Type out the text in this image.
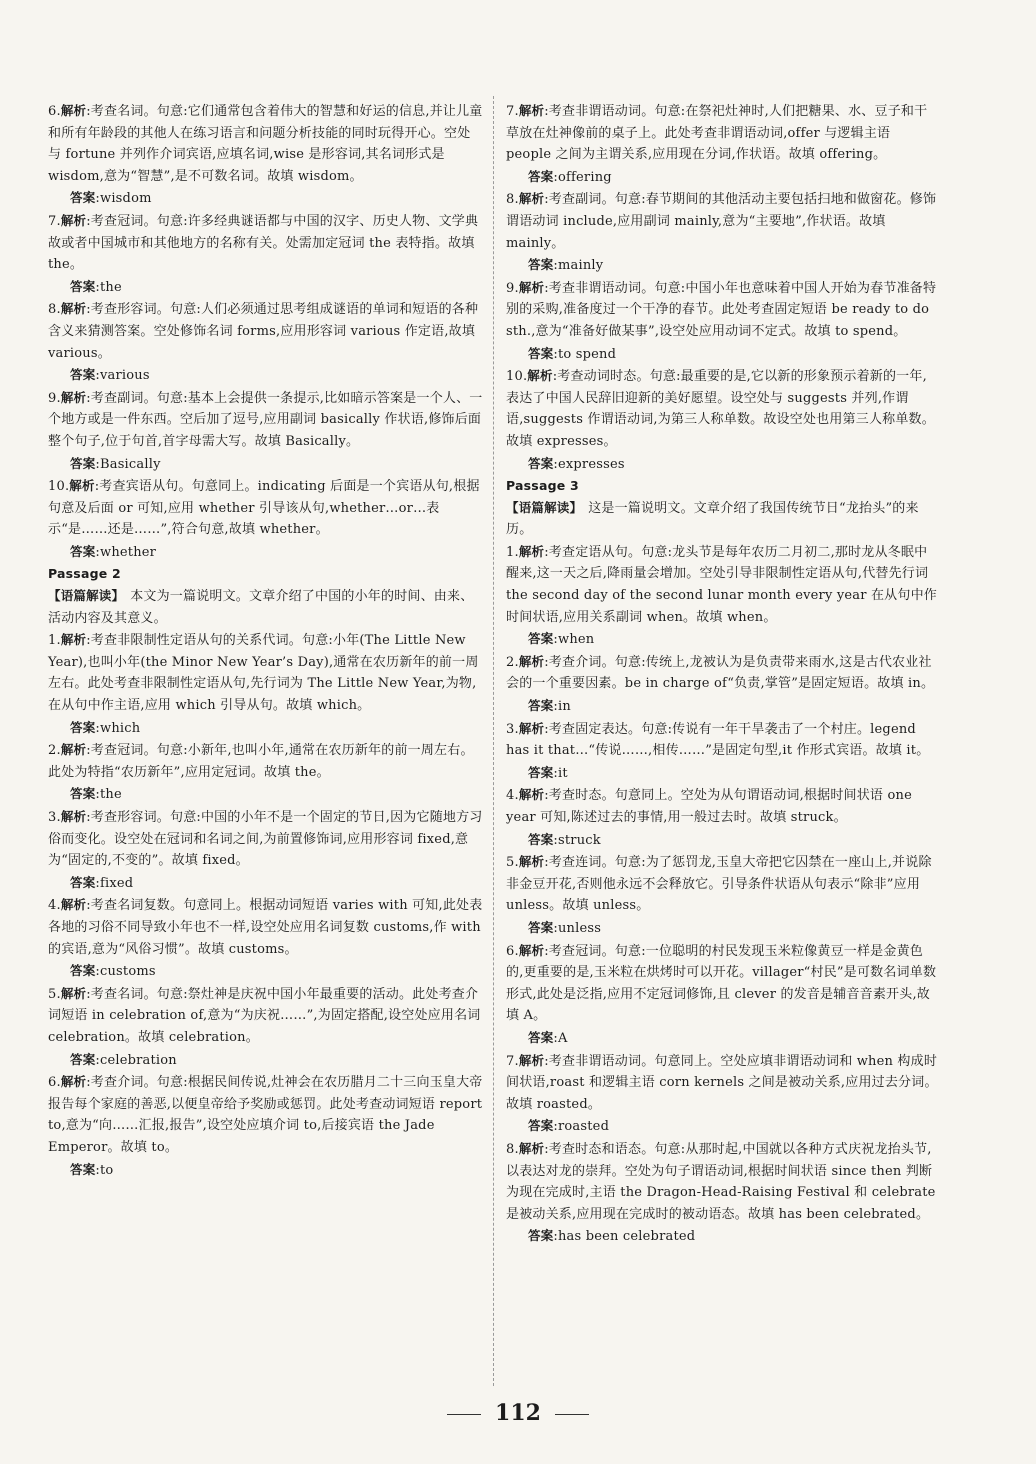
6.解析:考查名词。句意:它们通常包含着伟大的智慧和好运的信息,并让儿童和所有年龄段的其他人在练习语言和问题分析技能的同时玩得开心。空处与 fortune 并列作介词宾语,应填名词,wise 是形容词,其名词形式是 wisdom,意为“智慧”,是不可数名词。故填 wisdom。

答案:wisdom

7.解析:考查冠词。句意:许多经典谜语都与中国的汉字、历史人物、文学典故或者中国城市和其他地方的名称有关。处需加定冠词 the 表特指。故填 the。

答案:the

8.解析:考查形容词。句意:人们必须通过思考组成谜语的单词和短语的各种含义来猜测答案。空处修饰名词 forms,应用形容词 various 作定语,故填 various。

答案:various

9.解析:考查副词。句意:基本上会提供一条提示,比如暗示答案是一个人、一个地方或是一件东西。空后加了逗号,应用副词 basically 作状语,修饰后面整个句子,位于句首,首字母需大写。故填 Basically。

答案:Basically

10.解析:考查宾语从句。句意同上。indicating 后面是一个宾语从句,根据句意及后面 or 可知,应用 whether 引导该从句,whether…or…表示“是……还是……”,符合句意,故填 whether。

答案:whether

Passage 2

【语篇解读】 本文为一篇说明文。文章介绍了中国的小年的时间、由来、活动内容及其意义。

1.解析:考查非限制性定语从句的关系代词。句意:小年(The Little New Year),也叫小年(the Minor New Year’s Day),通常在农历新年的前一周左右。此处考查非限制性定语从句,先行词为 The Little New Year,为物,在从句中作主语,应用 which 引导从句。故填 which。

答案:which

2.解析:考查冠词。句意:小新年,也叫小年,通常在农历新年的前一周左右。此处为特指“农历新年”,应用定冠词。故填 the。

答案:the

3.解析:考查形容词。句意:中国的小年不是一个固定的节日,因为它随地方习俗而变化。设空处在冠词和名词之间,为前置修饰词,应用形容词 fixed,意为“固定的,不变的”。故填 fixed。

答案:fixed

4.解析:考查名词复数。句意同上。根据动词短语 varies with 可知,此处表各地的习俗不同导致小年也不一样,设空处应用名词复数 customs,作 with 的宾语,意为“风俗习惯”。故填 customs。

答案:customs

5.解析:考查名词。句意:祭灶神是庆祝中国小年最重要的活动。此处考查介词短语 in celebration of,意为“为庆祝……”,为固定搭配,设空处应用名词 celebration。故填 celebration。

答案:celebration

6.解析:考查介词。句意:根据民间传说,灶神会在农历腊月二十三向玉皇大帝报告每个家庭的善恶,以便皇帝给予奖励或惩罚。此处考查动词短语 report to,意为“向……汇报,报告”,设空处应填介词 to,后接宾语 the Jade Emperor。故填 to。

答案:to

7.解析:考查非谓语动词。句意:在祭祀灶神时,人们把糖果、水、豆子和干草放在灶神像前的桌子上。此处考查非谓语动词,offer 与逻辑主语 people 之间为主谓关系,应用现在分词,作状语。故填 offering。

答案:offering

8.解析:考查副词。句意:春节期间的其他活动主要包括扫地和做窗花。修饰谓语动词 include,应用副词 mainly,意为“主要地”,作状语。故填 mainly。

答案:mainly

9.解析:考查非谓语动词。句意:中国小年也意味着中国人开始为春节准备特别的采购,准备度过一个干净的春节。此处考查固定短语 be ready to do sth.,意为“准备好做某事”,设空处应用动词不定式。故填 to spend。

答案:to spend

10.解析:考查动词时态。句意:最重要的是,它以新的形象预示着新的一年,表达了中国人民辞旧迎新的美好愿望。设空处与 suggests 并列,作谓语,suggests 作谓语动词,为第三人称单数。故设空处也用第三人称单数。故填 expresses。

答案:expresses

Passage 3

【语篇解读】 这是一篇说明文。文章介绍了我国传统节日“龙抬头”的来历。

1.解析:考查定语从句。句意:龙头节是每年农历二月初二,那时龙从冬眠中醒来,这一天之后,降雨量会增加。空处引导非限制性定语从句,代替先行词 the second day of the second lunar month every year 在从句中作时间状语,应用关系副词 when。故填 when。

答案:when

2.解析:考查介词。句意:传统上,龙被认为是负责带来雨水,这是古代农业社会的一个重要因素。be in charge of“负责,掌管”是固定短语。故填 in。

答案:in

3.解析:考查固定表达。句意:传说有一年干旱袭击了一个村庄。legend has it that…“传说……,相传……”是固定句型,it 作形式宾语。故填 it。

答案:it

4.解析:考查时态。句意同上。空处为从句谓语动词,根据时间状语 one year 可知,陈述过去的事情,用一般过去时。故填 struck。

答案:struck

5.解析:考查连词。句意:为了惩罚龙,玉皇大帝把它囚禁在一座山上,并说除非金豆开花,否则他永远不会释放它。引导条件状语从句表示“除非”应用 unless。故填 unless。

答案:unless

6.解析:考查冠词。句意:一位聪明的村民发现玉米粒像黄豆一样是金黄色的,更重要的是,玉米粒在烘烤时可以开花。villager“村民”是可数名词单数形式,此处是泛指,应用不定冠词修饰,且 clever 的发音是辅音音素开头,故填 A。

答案:A

7.解析:考查非谓语动词。句意同上。空处应填非谓语动词和 when 构成时间状语,roast 和逻辑主语 corn kernels 之间是被动关系,应用过去分词。故填 roasted。

答案:roasted

8.解析:考查时态和语态。句意:从那时起,中国就以各种方式庆祝龙抬头节,以表达对龙的崇拜。空处为句子谓语动词,根据时间状语 since then 判断为现在完成时,主语 the Dragon-Head-Raising Festival 和 celebrate 是被动关系,应用现在完成时的被动语态。故填 has been celebrated。

答案:has been celebrated

112
